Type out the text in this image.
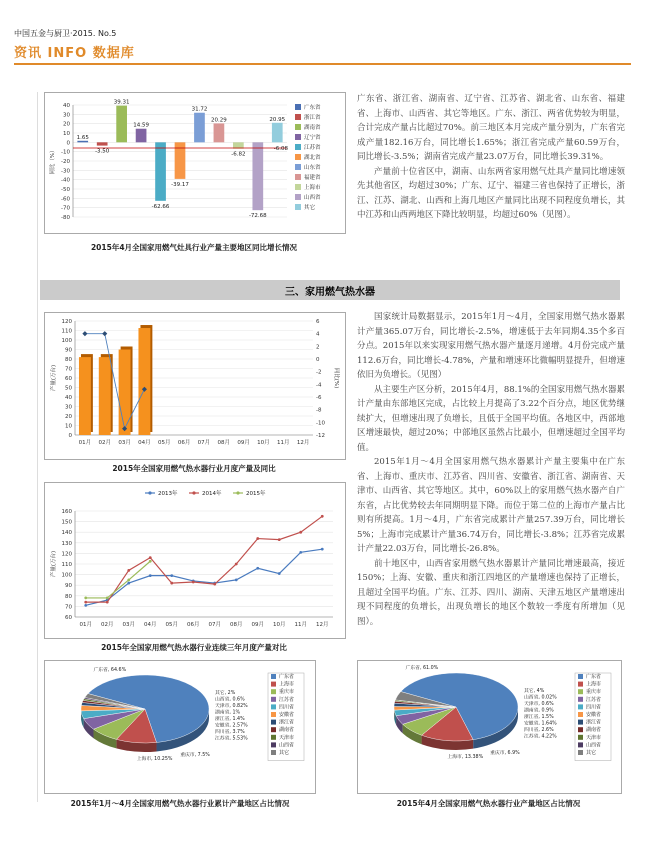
中国五金与厨卫·2015. No.5
资讯 INFO 数据库
40
30
20
10
0
-10
-20
-30
-40
-50
-60
-70
-80
同比（%）
1.65
-3.50
39.31
14.59
-62.66
-39.17
31.72
20.29
-6.82
-72.68
20.95
-6.08
广东省
浙江省
湖南省
辽宁省
江苏省
湖北省
山东省
福建省
上海市
山西省
其它
2015年4月全国家用燃气灶具行业产量主要地区同比增长情况

广东省、浙江省、湖南省、辽宁省、江苏省、湖北省、山东省、福建省、上海市、山西省、其它等地区。广东、浙江、两省优势较为明显，合计完成产量占比超过70%。前三地区本月完成产量分别为，广东省完成产量182.16万台，同比增长1.65%；浙江省完成产量60.59万台，同比增长-3.5%；湖南省完成产量23.07万台，同比增长39.31%。

产量前十位省区中，湖南、山东两省家用燃气灶具产量同比增速领先其他省区，均超过30%；广东、辽宁、福建三省也保持了正增长，浙江、江苏、湖北、山西和上海几地区产量同比出现不同程度负增长，其中江苏和山西两地区下降比较明显，均超过60%（见图）。

三、家用燃气热水器
120
110
100
90
80
70
60
50
40
30
20
10
0
6
4
2
0
-2
-4
-6
-8
-10
-12
产量(万台)	同比(%)
01月 02月 03月 04月 05月 06月 07月 08月 09月 10月 11月 12月
2015年全国家用燃气热水器行业月度产量及同比
160
150
140
130
120
110
100
90
80
70
60
产量(万台)
01月 02月 03月 04月 05月 06月 07月 08月 09月 10月 11月 12月
2013年	2014年	2015年
2015年全国家用燃气热水器行业连续三年月度产量对比

国家统计局数据显示，2015年1月～4月，全国家用燃气热水器累计产量365.07万台，同比增长-2.5%，增速低于去年同期4.35个多百分点。2015年以来实现家用燃气热水器产量逐月递增。4月份完成产量112.6万台，同比增长-4.78%，产量和增速环比微幅明显提升，但增速依旧为负增长。（见图）

从主要生产区分析，2015年4月，88.1%的全国家用燃气热水器累计产量由东部地区完成，占比较上月提高了3.22个百分点，地区优势继续扩大，但增速出现了负增长，且低于全国平均值。各地区中，西部地区增速最快，超过20%；中部地区虽然占比最小，但增速超过全国平均值。

2015年1月～4月全国家用燃气热水器累计产量主要集中在广东省、上海市、重庆市、江苏省、四川省、安徽省、浙江省、湖南省、天津市、山西省、其它等地区。其中，60%以上的家用燃气热水器产自广东省，占比优势较去年同期明显下降。而位于第二位的上海市产量占比则有所提高。1月～4月，广东省完成累计产量257.39万台，同比增长5%；上海市完成累计产量36.74万台，同比增长-3.8%；江苏省完成累计产量22.03万台，同比增长-26.8%。

前十地区中，山西省家用燃气热水器累计产量同比增速最高，接近150%；上海、安徽、重庆和浙江四地区的产量增速也保持了正增长，且超过全国平均值。广东、江苏、四川、湖南、天津五地区产量增速出现不同程度的负增长，出现负增长的地区个数较一季度有所增加（见图）。

广东省, 64.6%
上海市, 10.25%
重庆市, 7.5%
江苏省, 5.53%
四川省, 3.7%
安徽省, 2.57%
浙江省, 1.4%
湖南省, 1%
天津市, 0.82%
山西省, 0.6%
其它, 2%
广东省
上海市
重庆市
江苏省
四川省
安徽省
浙江省
湖南省
天津市
山西省
其它
2015年1月～4月全国家用燃气热水器行业累计产量地区占比情况
广东省, 61.0%
上海市, 13.38%
重庆市, 6.9%
江苏省, 4.22%
四川省, 2.6%
安徽省, 1.64%
浙江省, 1.5%
湖南省, 0.9%
天津市, 0.6%
山西省, 0.02%
其它, 4%
广东省
上海市
重庆市
江苏省
四川省
安徽省
浙江省
湖南省
天津市
山西省
其它
2015年4月全国家用燃气热水器行业产量地区占比情况
